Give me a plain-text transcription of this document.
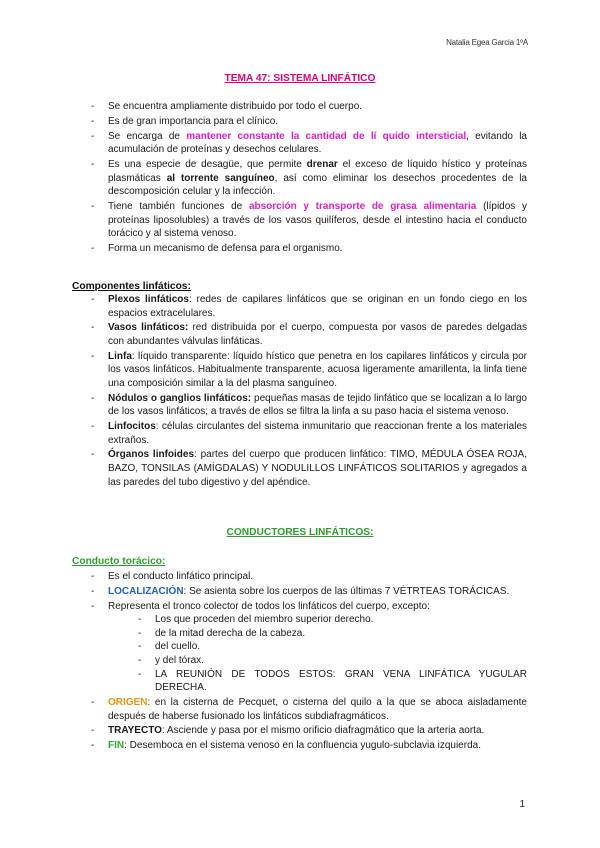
Natalia Egea Garcia 1ºA
TEMA 47: SISTEMA LINFÁTICO
- Se encuentra ampliamente distribuido por todo el cuerpo.
- Es de gran importancia para el clínico.
- Se encarga de mantener constante la cantidad de lí quido intersticial, evitando la acumulación de proteínas y desechos celulares.
- Es una especie de desagüe, que permite drenar el exceso de líquido hístico y proteínas plasmáticas al torrente sanguíneo, así como eliminar los desechos procedentes de la descomposición celular y la infección.
- Tiene también funciones de absorción y transporte de grasa alimentaria (lípidos y proteínas liposolubles) a través de los vasos quilíferos, desde el intestino hacia el conducto torácico y al sistema venoso.
- Forma un mecanismo de defensa para el organismo.
Componentes linfáticos:
- Plexos linfáticos: redes de capilares linfáticos que se originan en un fondo ciego en los espacios extracelulares.
- Vasos linfáticos: red distribuida por el cuerpo, compuesta por vasos de paredes delgadas con abundantes válvulas linfáticas.
- Linfa: líquido transparente: líquido hístico que penetra en los capilares linfáticos y circula por los vasos linfáticos. Habitualmente transparente, acuosa ligeramente amarillenta, la linfa tiene una composición similar a la del plasma sanguíneo.
- Nódulos o ganglios linfáticos: pequeñas masas de tejido linfático que se localizan a lo largo de los vasos linfáticos; a través de ellos se filtra la linfa a su paso hacia el sistema venoso.
- Linfocitos: células circulantes del sistema inmunitario que reaccionan frente a los materiales extraños.
- Órganos linfoides: partes del cuerpo que producen linfático: TIMO, MÉDULA ÓSEA ROJA, BAZO, TONSILAS (AMÍGDALAS) Y NODULILLOS LINFÁTICOS SOLITARIOS y agregados a las paredes del tubo digestivo y del apéndice.
CONDUCTORES LINFÁTICOS:
Conducto torácico:
- Es el conducto linfático principal.
- LOCALIZACIÓN: Se asienta sobre los cuerpos de las últimas 7 VÉTRTEAS TORÁCICAS.
- Representa el tronco colector de todos los linfáticos del cuerpo, excepto:
- Los que proceden del miembro superior derecho.
- de la mitad derecha de la cabeza.
- del cuello.
- y del tórax.
- LA REUNIÓN DE TODOS ESTOS: GRAN VENA LINFÁTICA YUGULAR DERECHA.
- ORIGEN: en la cisterna de Pecquet, o cisterna del quilo a la que se aboca aisladamente después de haberse fusionado los linfáticos subdiafragmáticos.
- TRAYECTO: Asciende y pasa por el mismo orificio diafragmático que la arteria aorta.
- FIN: Desemboca en el sistema venoso en la confluencia yugulo-subclavia izquierda.
1
